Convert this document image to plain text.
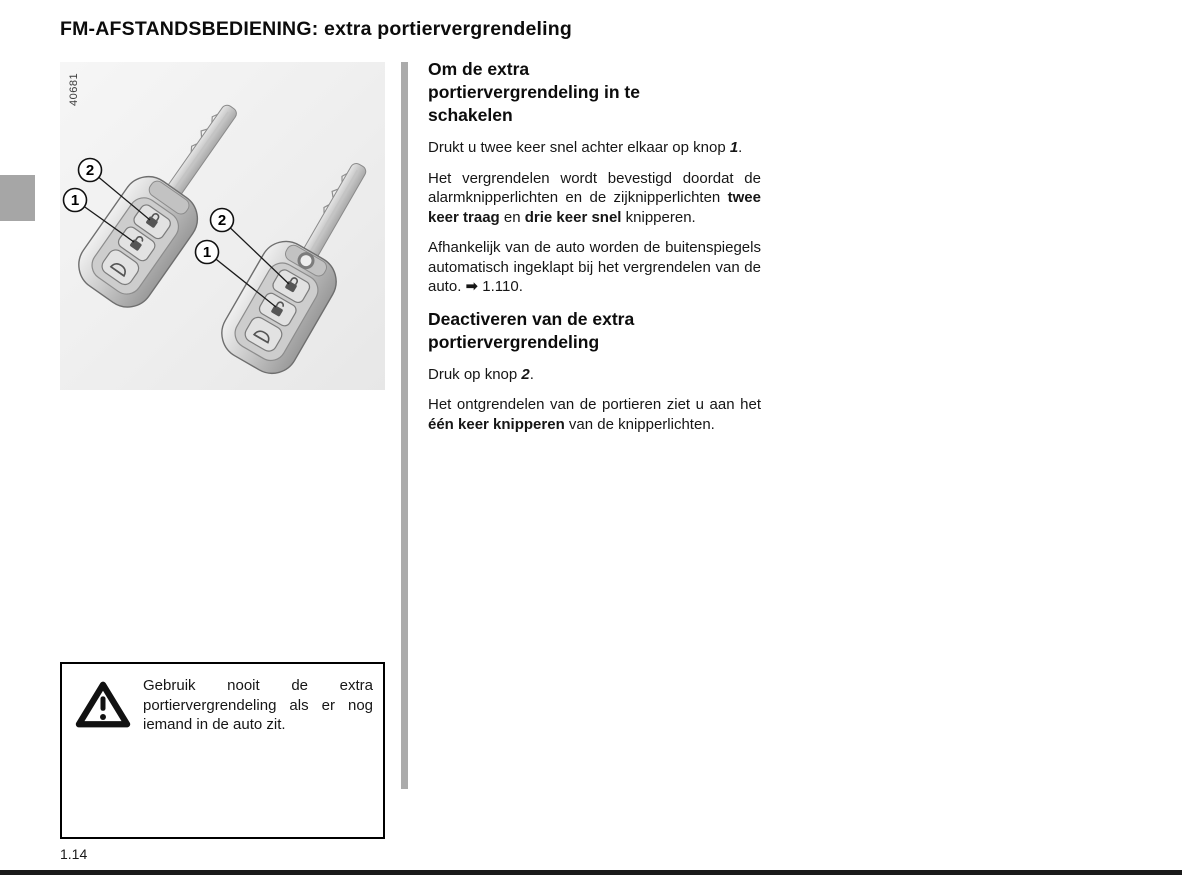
FM-AFSTANDSBEDIENING: extra portiervergrendeling
2
1
2
1
40681
Om de extra
portiervergrendeling in te
schakelen

Drukt u twee keer snel achter elkaar op knop 1.

Het vergrendelen wordt bevestigd doordat de alarmknipperlichten en de zijknipperlichten twee keer traag en drie keer snel knipperen.

Afhankelijk van de auto worden de buitenspiegels automatisch ingeklapt bij het vergrendelen van de auto. ➡ 1.110.

Deactiveren van de extra
portiervergrendeling

Druk op knop 2.

Het ontgrendelen van de portieren ziet u aan het één keer knipperen van de knipperlichten.

Gebruik nooit de extra portiervergrendeling als er nog iemand in de auto zit.

1.14
